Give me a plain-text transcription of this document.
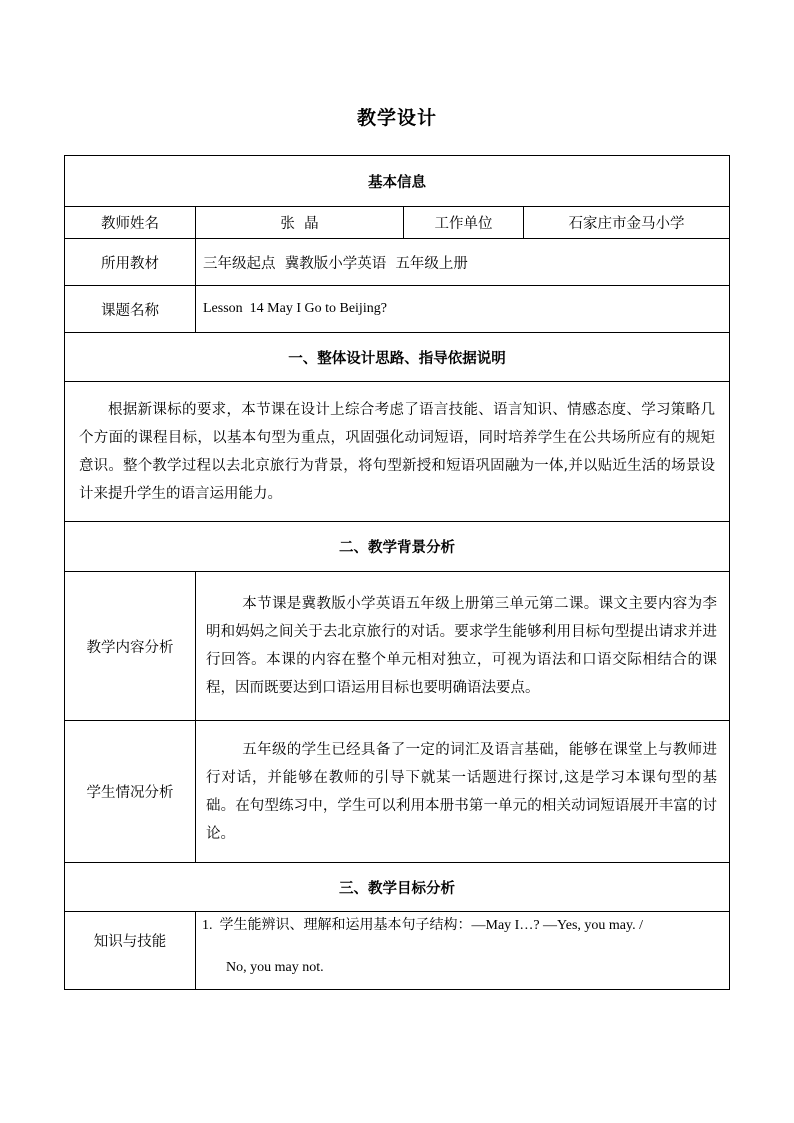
教学设计
基本信息			
教师姓名	张  晶	工作单位	石家庄市金马小学
所用教材	三年级起点  冀教版小学英语  五年级上册		
课题名称	Lesson  14 May I Go to Beijing?		
一、整体设计思路、指导依据说明			
根据新课标的要求，本节课在设计上综合考虑了语言技能、语言知识、情感态度、学习策略几个方面的课程目标，以基本句型为重点，巩固强化动词短语，同时培养学生在公共场所应有的规矩意识。整个教学过程以去北京旅行为背景，将句型新授和短语巩固融为一体,并以贴近生活的场景设计来提升学生的语言运用能力。			
二、教学背景分析			
教学内容分析	本节课是冀教版小学英语五年级上册第三单元第二课。课文主要内容为李明和妈妈之间关于去北京旅行的对话。要求学生能够利用目标句型提出请求并进行回答。本课的内容在整个单元相对独立，可视为语法和口语交际相结合的课程，因而既要达到口语运用目标也要明确语法要点。		
学生情况分析	五年级的学生已经具备了一定的词汇及语言基础，能够在课堂上与教师进行对话，并能够在教师的引导下就某一话题进行探讨,这是学习本课句型的基础。在句型练习中，学生可以利用本册书第一单元的相关动词短语展开丰富的讨论。		
三、教学目标分析			
知识与技能	1. 学生能辨识、理解和运用基本句子结构：—May I…? —Yes, you may. /
No, you may not.		
